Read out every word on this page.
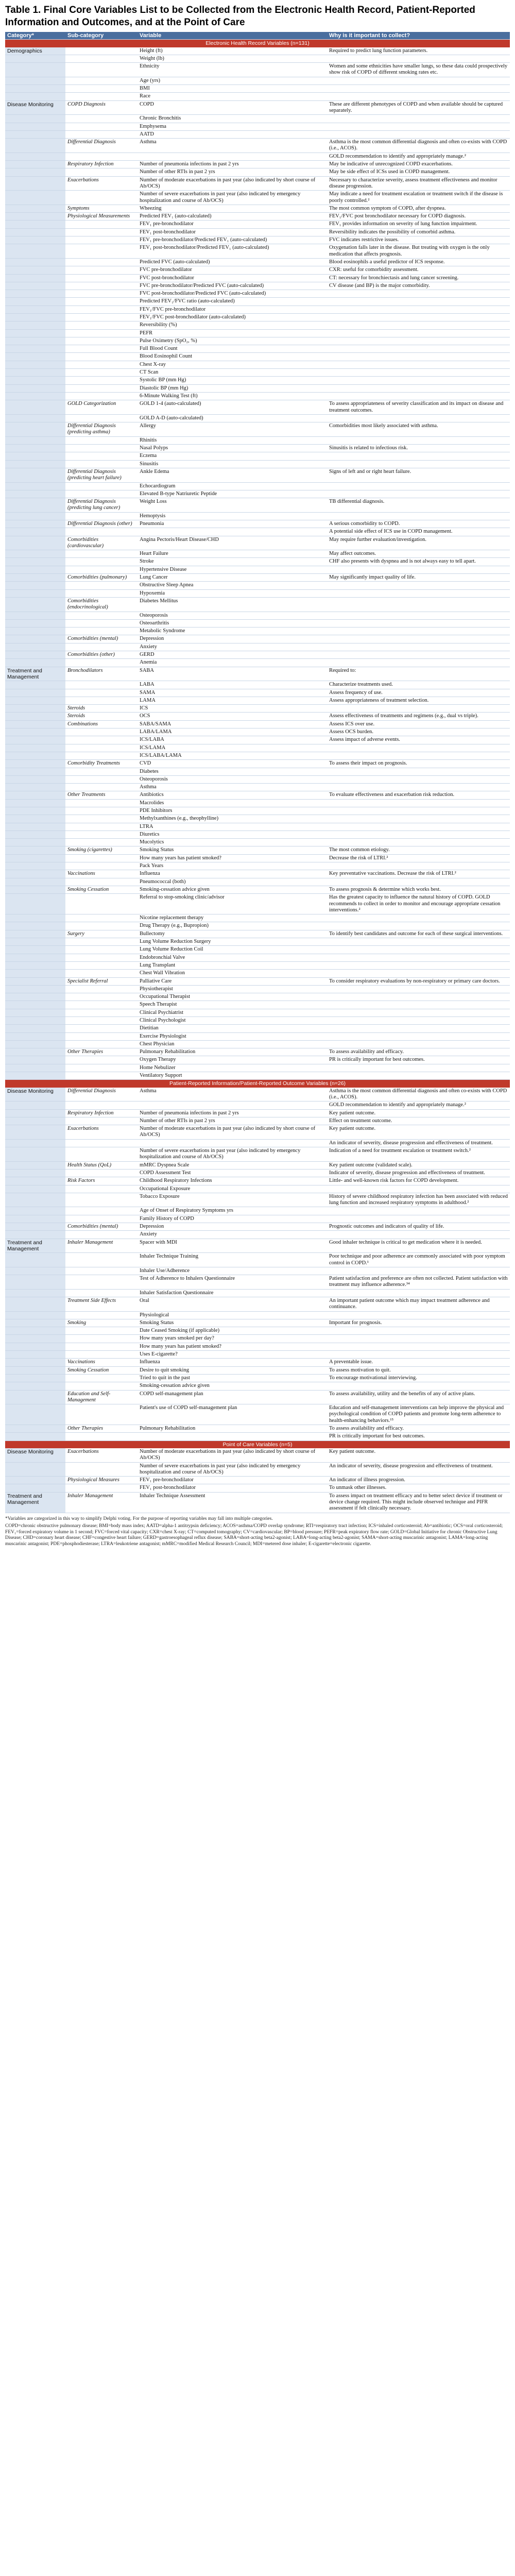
Table 1. Final Core Variables List to be Collected from the Electronic Health Record, Patient-Reported Information and Outcomes, and at the Point of Care
Category*	Sub-category	Variable	Why is it important to collect?
Electronic Health Record Variables (n=131)			
Demographics		Height (ft)	Required to predict lung function parameters.
		Weight (lb)	
		Ethnicity	Women and some ethnicities have smaller lungs, so these data could prospectively show risk of COPD of different smoking rates etc.
		Age (yrs)	
		BMI	
		Race	
Disease Monitoring	COPD Diagnosis	COPD	These are different phenotypes of COPD and when available should be captured separately.
		Chronic Bronchitis	
		Emphysema	
		AATD	
	Differential Diagnosis	Asthma	Asthma is the most common differential diagnosis and often co-exists with COPD (i.e., ACOS).
			GOLD recommendation to identify and appropriately manage.²
	Respiratory Infection	Number of pneumonia infections in past 2 yrs	May be indicative of unrecognized COPD exacerbations.
		Number of other RTIs in past 2 yrs	May be side effect of ICSs used in COPD management.
	Exacerbations	Number of moderate exacerbations in past year (also indicated by short course of Ab/OCS)	Necessary to characterize severity, assess treatment effectiveness and monitor disease progression.
		Number of severe exacerbations in past year (also indicated by emergency hospitalization and course of Ab/OCS)	May indicate a need for treatment escalation or treatment switch if the disease is poorly controlled.²
	Symptoms	Wheezing	The most common symptom of COPD, after dyspnea.
	Physiological Measurements	Predicted FEV₁ (auto-calculated)	FEV₁/FVC post bronchodilator necessary for COPD diagnosis.
		FEV₁ pre-bronchodilator	FEV₁ provides information on severity of lung function impairment.
		FEV₁ post-bronchodilator	Reversibility indicates the possibility of comorbid asthma.
		FEV₁ pre-bronchodilator/Predicted FEV₁ (auto-calculated)	FVC indicates restrictive issues.
		FEV₁ post-bronchodilator/Predicted FEV₁ (auto-calculated)	Oxygenation falls later in the disease. But treating with oxygen is the only medication that affects prognosis.
		Predicted FVC (auto-calculated)	Blood eosinophils a useful predictor of ICS response.
		FVC pre-bronchodilator	CXR: useful for comorbidity assessment.
		FVC post-bronchodilator	CT: necessary for bronchiectasis and lung cancer screening.
		FVC pre-bronchodilator/Predicted FVC (auto-calculated)	CV disease (and BP) is the major comorbidity.
		FVC post-bronchodilator/Predicted FVC (auto-calculated)	
		Predicted FEV₁/FVC ratio (auto-calculated)	
		FEV₁/FVC pre-bronchodilator	
		FEV₁/FVC post-bronchodilator (auto-calculated)	
		Reversibility (%)	
		PEFR	
		Pulse Oximetry (SpO₂, %)	
		Full Blood Count	
		Blood Eosinophil Count	
		Chest X-ray	
		CT Scan	
		Systolic BP (mm Hg)	
		Diastolic BP (mm Hg)	
		6-Minute Walking Test (ft)	
	GOLD Categorization	GOLD 1-4 (auto-calculated)	To assess appropriateness of severity classification and its impact on disease and treatment outcomes.
		GOLD A-D (auto-calculated)	
	Differential Diagnosis (predicting asthma)	Allergy	Comorbidities most likely associated with asthma.
		Rhinitis	
		Nasal Polyps	Sinusitis is related to infectious risk.
		Eczema	
		Sinusitis	
	Differential Diagnosis (predicting heart failure)	Ankle Edema	Signs of left and or right heart failure.
		Echocardiogram	
		Elevated B-type Natriuretic Peptide	
	Differential Diagnosis (predicting lung cancer)	Weight Loss	TB differential diagnosis.
		Hemoptysis	
	Differential Diagnosis (other)	Pneumonia	A serious comorbidity to COPD.
			A potential side effect of ICS use in COPD management.
	Comorbidities (cardiovascular)	Angina Pectoris/Heart Disease/CHD	May require further evaluation/investigation.
		Heart Failure	May affect outcomes.
		Stroke	CHF also presents with dyspnea and is not always easy to tell apart.
		Hypertensive Disease	
	Comorbidities (pulmonary)	Lung Cancer	May significantly impact quality of life.
		Obstructive Sleep Apnea	
		Hypoxemia	
	Comorbidities (endocrinological)	Diabetes Mellitus	
		Osteoporosis	
		Osteoarthritis	
		Metabolic Syndrome	
	Comorbidities (mental)	Depression	
		Anxiety	
	Comorbidities (other)	GERD	
		Anemia	
Treatment and Management	Bronchodilators	SABA	Required to:
		LABA	Characterize treatments used.
		SAMA	Assess frequency of use.
		LAMA	Assess appropriateness of treatment selection.
	Steroids	ICS	
	Steroids	OCS	Assess effectiveness of treatments and regimens (e.g., dual vs triple).
	Combinations	SABA/SAMA	Assess ICS over use.
		LABA/LAMA	Assess OCS burden.
		ICS/LABA	Assess impact of adverse events.
		ICS/LAMA	
		ICS/LABA/LAMA	
	Comorbidity Treatments	CVD	To assess their impact on prognosis.
		Diabetes	
		Osteoporosis	
		Asthma	
	Other Treatments	Antibiotics	To evaluate effectiveness and exacerbation risk reduction.
		Macrolides	
		PDE Inhibitors	
		Methylxanthines (e.g., theophylline)	
		LTRA	
		Diuretics	
		Mucolytics	
	Smoking (cigarettes)	Smoking Status	The most common etiology.
		How many years has patient smoked?	Decrease the risk of LTRI.²
		Pack Years	
	Vaccinations	Influenza	Key preventative vaccinations. Decrease the risk of LTRI.²
		Pneumococcal (both)	
	Smoking Cessation	Smoking-cessation advice given	To assess prognosis & determine which works best.
		Referral to stop-smoking clinic/advisor	Has the greatest capacity to influence the natural history of COPD. GOLD recommends to collect in order to monitor and encourage appropriate cessation interventions.²
		Nicotine replacement therapy	
		Drug Therapy (e.g., Bupropion)	
	Surgery	Bullectomy	To identify best candidates and outcome for each of these surgical interventions.
		Lung Volume Reduction Surgery	
		Lung Volume Reduction Coil	
		Endobronchial Valve	
		Lung Transplant	
		Chest Wall Vibration	
	Specialist Referral	Palliative Care	To consider respiratory evaluations by non-respiratory or primary care doctors.
		Physiotherapist	
		Occupational Therapist	
		Speech Therapist	
		Clinical Psychiatrist	
		Clinical Psychologist	
		Dietitian	
		Exercise Physiologist	
		Chest Physician	
	Other Therapies	Pulmonary Rehabilitation	To assess availability and efficacy.
		Oxygen Therapy	PR is critically important for best outcomes.
		Home Nebulizer	
		Ventilatory Support	
Patient-Reported Information/Patient-Reported Outcome Variables (n=26)			
Disease Monitoring	Differential Diagnosis	Asthma	Asthma is the most common differential diagnosis and often co-exists with COPD (i.e., ACOS).
			GOLD recommendation to identify and appropriately manage.²
	Respiratory Infection	Number of pneumonia infections in past 2 yrs	Key patient outcome.
		Number of other RTIs in past 2 yrs	Effect on treatment outcome.
	Exacerbations	Number of moderate exacerbations in past year (also indicated by short course of Ab/OCS)	Key patient outcome.
			An indicator of severity, disease progression and effectiveness of treatment.
		Number of severe exacerbations in past year (also indicated by emergency hospitalization and course of Ab/OCS)	Indication of a need for treatment escalation or treatment switch.²
	Health Status (QoL)	mMRC Dyspnea Scale	Key patient outcome (validated scale).
		COPD Assessment Test	Indicator of severity, disease progression and effectiveness of treatment.
	Risk Factors	Childhood Respiratory Infections	Little- and well-known risk factors for COPD development.
		Occupational Exposure	
		Tobacco Exposure	History of severe childhood respiratory infection has been associated with reduced lung function and increased respiratory symptoms in adulthood.²
		Age of Onset of Respiratory Symptoms yrs	
		Family History of COPD	
	Comorbidities (mental)	Depression	Prognostic outcomes and indicators of quality of life.
		Anxiety	
Treatment and Management	Inhaler Management	Spacer with MDI	Good inhaler technique is critical to get medication where it is needed.
		Inhaler Technique Training	Poor technique and poor adherence are commonly associated with poor symptom control in COPD.¹
		Inhaler Use/Adherence	
		Test of Adherence to Inhalers Questionnaire	Patient satisfaction and preference are often not collected. Patient satisfaction with treatment may influence adherence.³⁴
		Inhaler Satisfaction Questionnaire	
	Treatment Side Effects	Oral	An important patient outcome which may impact treatment adherence and continuance.
		Physiological	
	Smoking	Smoking Status	Important for prognosis.
		Date Ceased Smoking (if applicable)	
		How many years smoked per day?	
		How many years has patient smoked?	
		Uses E-cigarette?	
	Vaccinations	Influenza	A preventable issue.
	Smoking Cessation	Desire to quit smoking	To assess motivation to quit.
		Tried to quit in the past	To encourage motivational interviewing.
		Smoking-cessation advice given	
	Education and Self-Management	COPD self-management plan	To assess availability, utility and the benefits of any of active plans.
		Patient's use of COPD self-management plan	Education and self-management interventions can help improve the physical and psychological condition of COPD patients and promote long-term adherence to health-enhancing behaviors.¹⁵
	Other Therapies	Pulmonary Rehabilitation	To assess availability and efficacy.
			PR is critically important for best outcomes.
Point of Care Variables (n=5)			
Disease Monitoring	Exacerbations	Number of moderate exacerbations in past year (also indicated by short course of Ab/OCS)	Key patient outcome.
		Number of severe exacerbations in past year (also indicated by emergency hospitalization and course of Ab/OCS)	An indicator of severity, disease progression and effectiveness of treatment.
	Physiological Measures	FEV₁ pre-bronchodilator	An indicator of illness progression.
		FEV₁ post-bronchodilator	To unmask other illnesses.
Treatment and Management	Inhaler Management	Inhaler Technique Assessment	To assess impact on treatment efficacy and to better select device if treatment or device change required. This might include observed technique and PIFR assessment if felt clinically necessary.

*Variables are categorized in this way to simplify Delphi voting. For the purpose of reporting variables may fall into multiple categories.

COPD=chronic obstructive pulmonary disease; BMI=body mass index; AATD=alpha-1 antitrypsin deficiency; ACOS=asthma/COPD overlap syndrome; RTI=respiratory tract infection; ICS=inhaled corticosteroid; Ab=antibiotic; OCS=oral corticosteroid; FEV₁=forced expiratory volume in 1 second; FVC=forced vital capacity; CXR=chest X-ray; CT=computed tomography; CV=cardiovascular; BP=blood pressure; PEFR=peak expiratory flow rate; GOLD=Global Initiative for chronic Obstructive Lung Disease; CHD=coronary heart disease; CHF=congestive heart failure; GERD=gastroesophageal reflux disease; SABA=short-acting beta2-agonist; LABA=long-acting beta2-agonist; SAMA=short-acting muscarinic antagonist; LAMA=long-acting muscarinic antagonist; PDE=phosphodiesterase; LTRA=leukotriene antagonist; mMRC=modified Medical Research Council; MDI=metered dose inhaler; E-cigarette=electronic cigarette.
